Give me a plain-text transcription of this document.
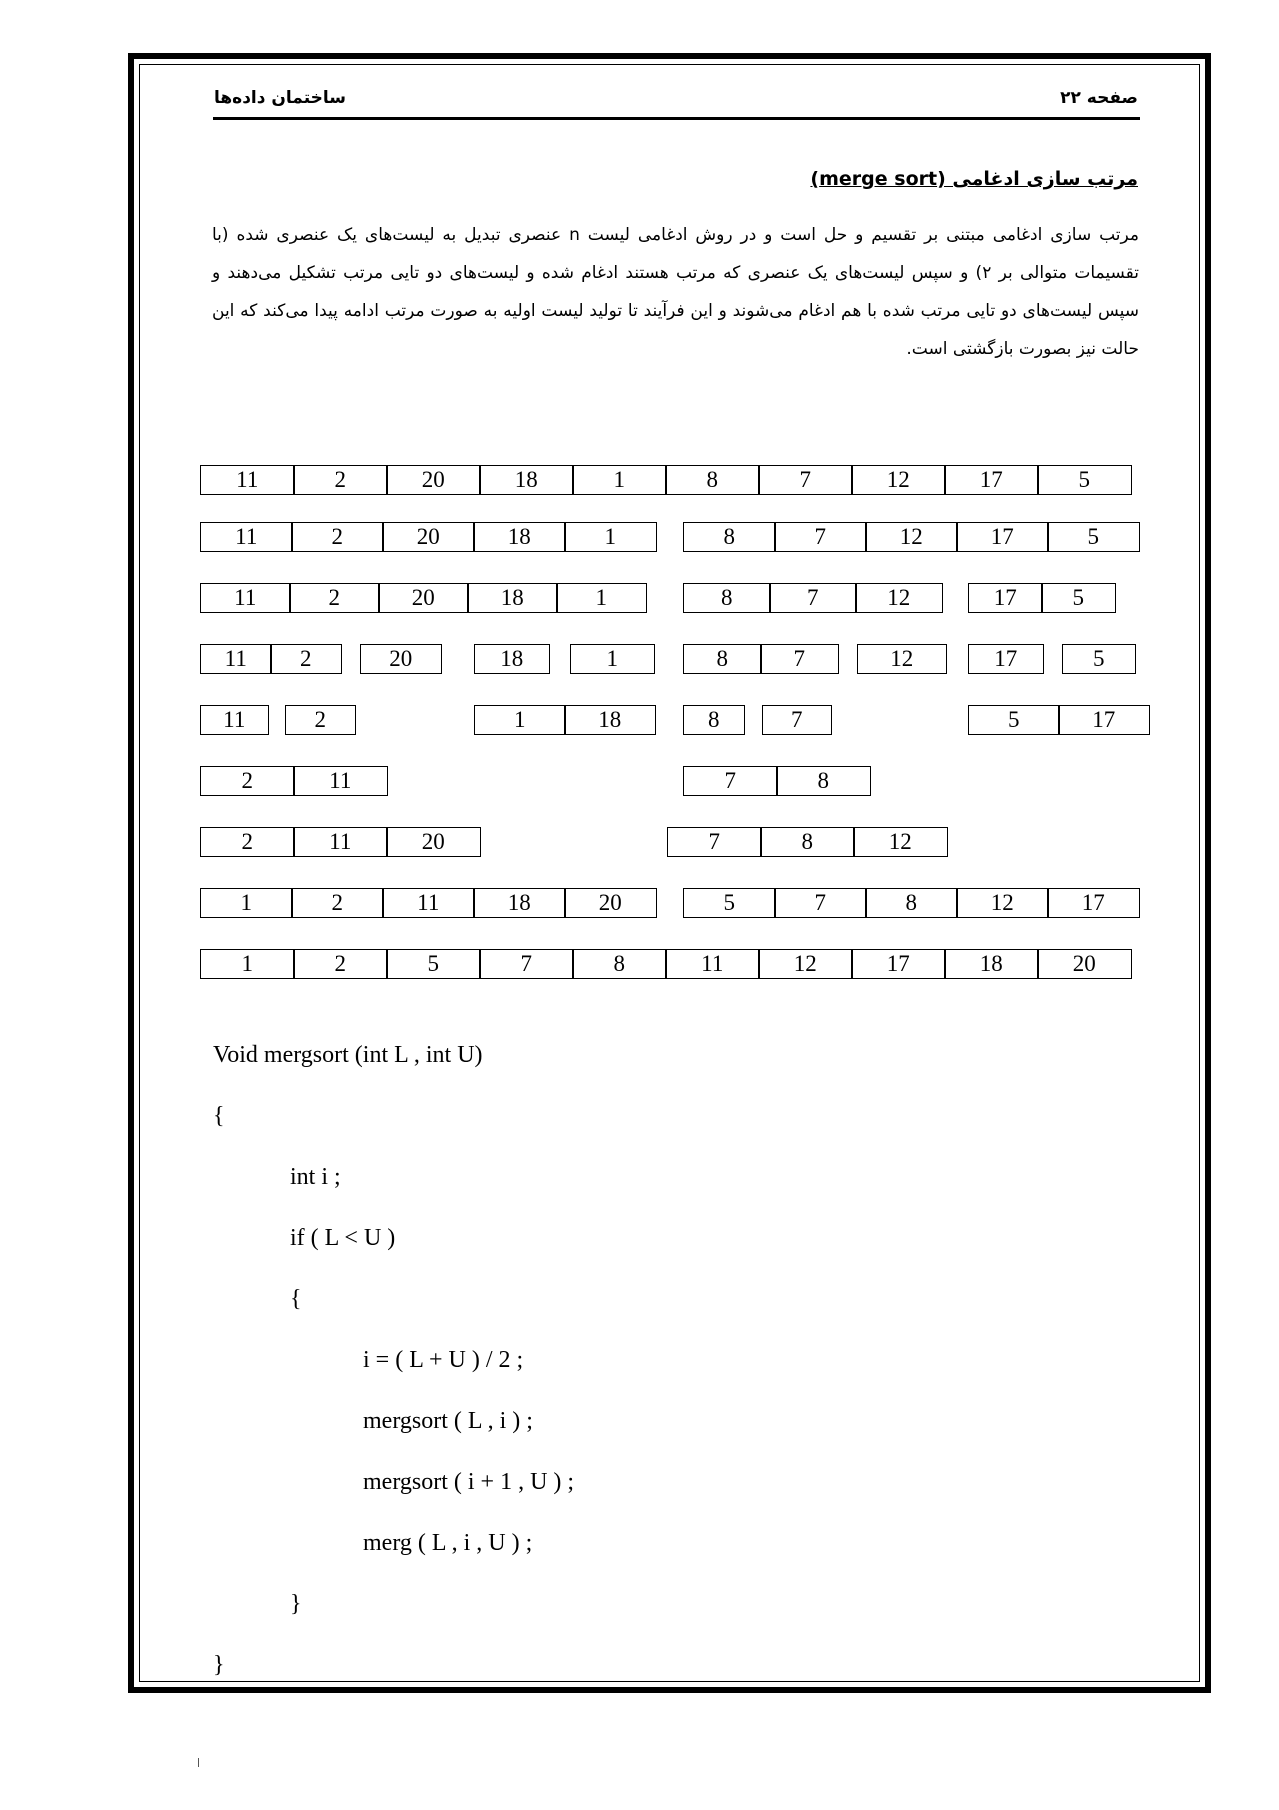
صفحه ۲۲
ساختمان داده‌ها
مرتب سازی ادغامی (merge sort)
مرتب سازی ادغامی مبتنی بر تقسیم و حل است و در روش ادغامی لیست n عنصری تبدیل به لیست‌های یک عنصری شده (با تقسیمات متوالی بر ۲) و سپس لیست‌های یک عنصری که مرتب هستند ادغام شده و لیست‌های دو تایی مرتب تشکیل می‌دهند و سپس لیست‌های دو تایی مرتب شده با هم ادغام می‌شوند و این فرآیند تا تولید لیست اولیه به صورت مرتب ادامه پیدا می‌کند که این حالت نیز بصورت بازگشتی است.
11	2	20	18	1	8	7	12	17	5
11	2	20	18	1	8	7	12	17	5
11	2	20	18	1	8	7	12	17	5
11	2	20	18	1	8	7	12	17	5
11	2	1	18	8	7	5	17
2	11	7	8
2	11	20	7	8	12
1	2	11	18	20	5	7	8	12	17
1	2	5	7	8	11	12	17	18	20
Void mergsort (int L , int U)
{
int i ;
if ( L < U )
{
i = ( L + U ) / 2 ;
mergsort ( L , i ) ;
mergsort ( i + 1 , U ) ;
merg ( L , i , U ) ;
}
}
